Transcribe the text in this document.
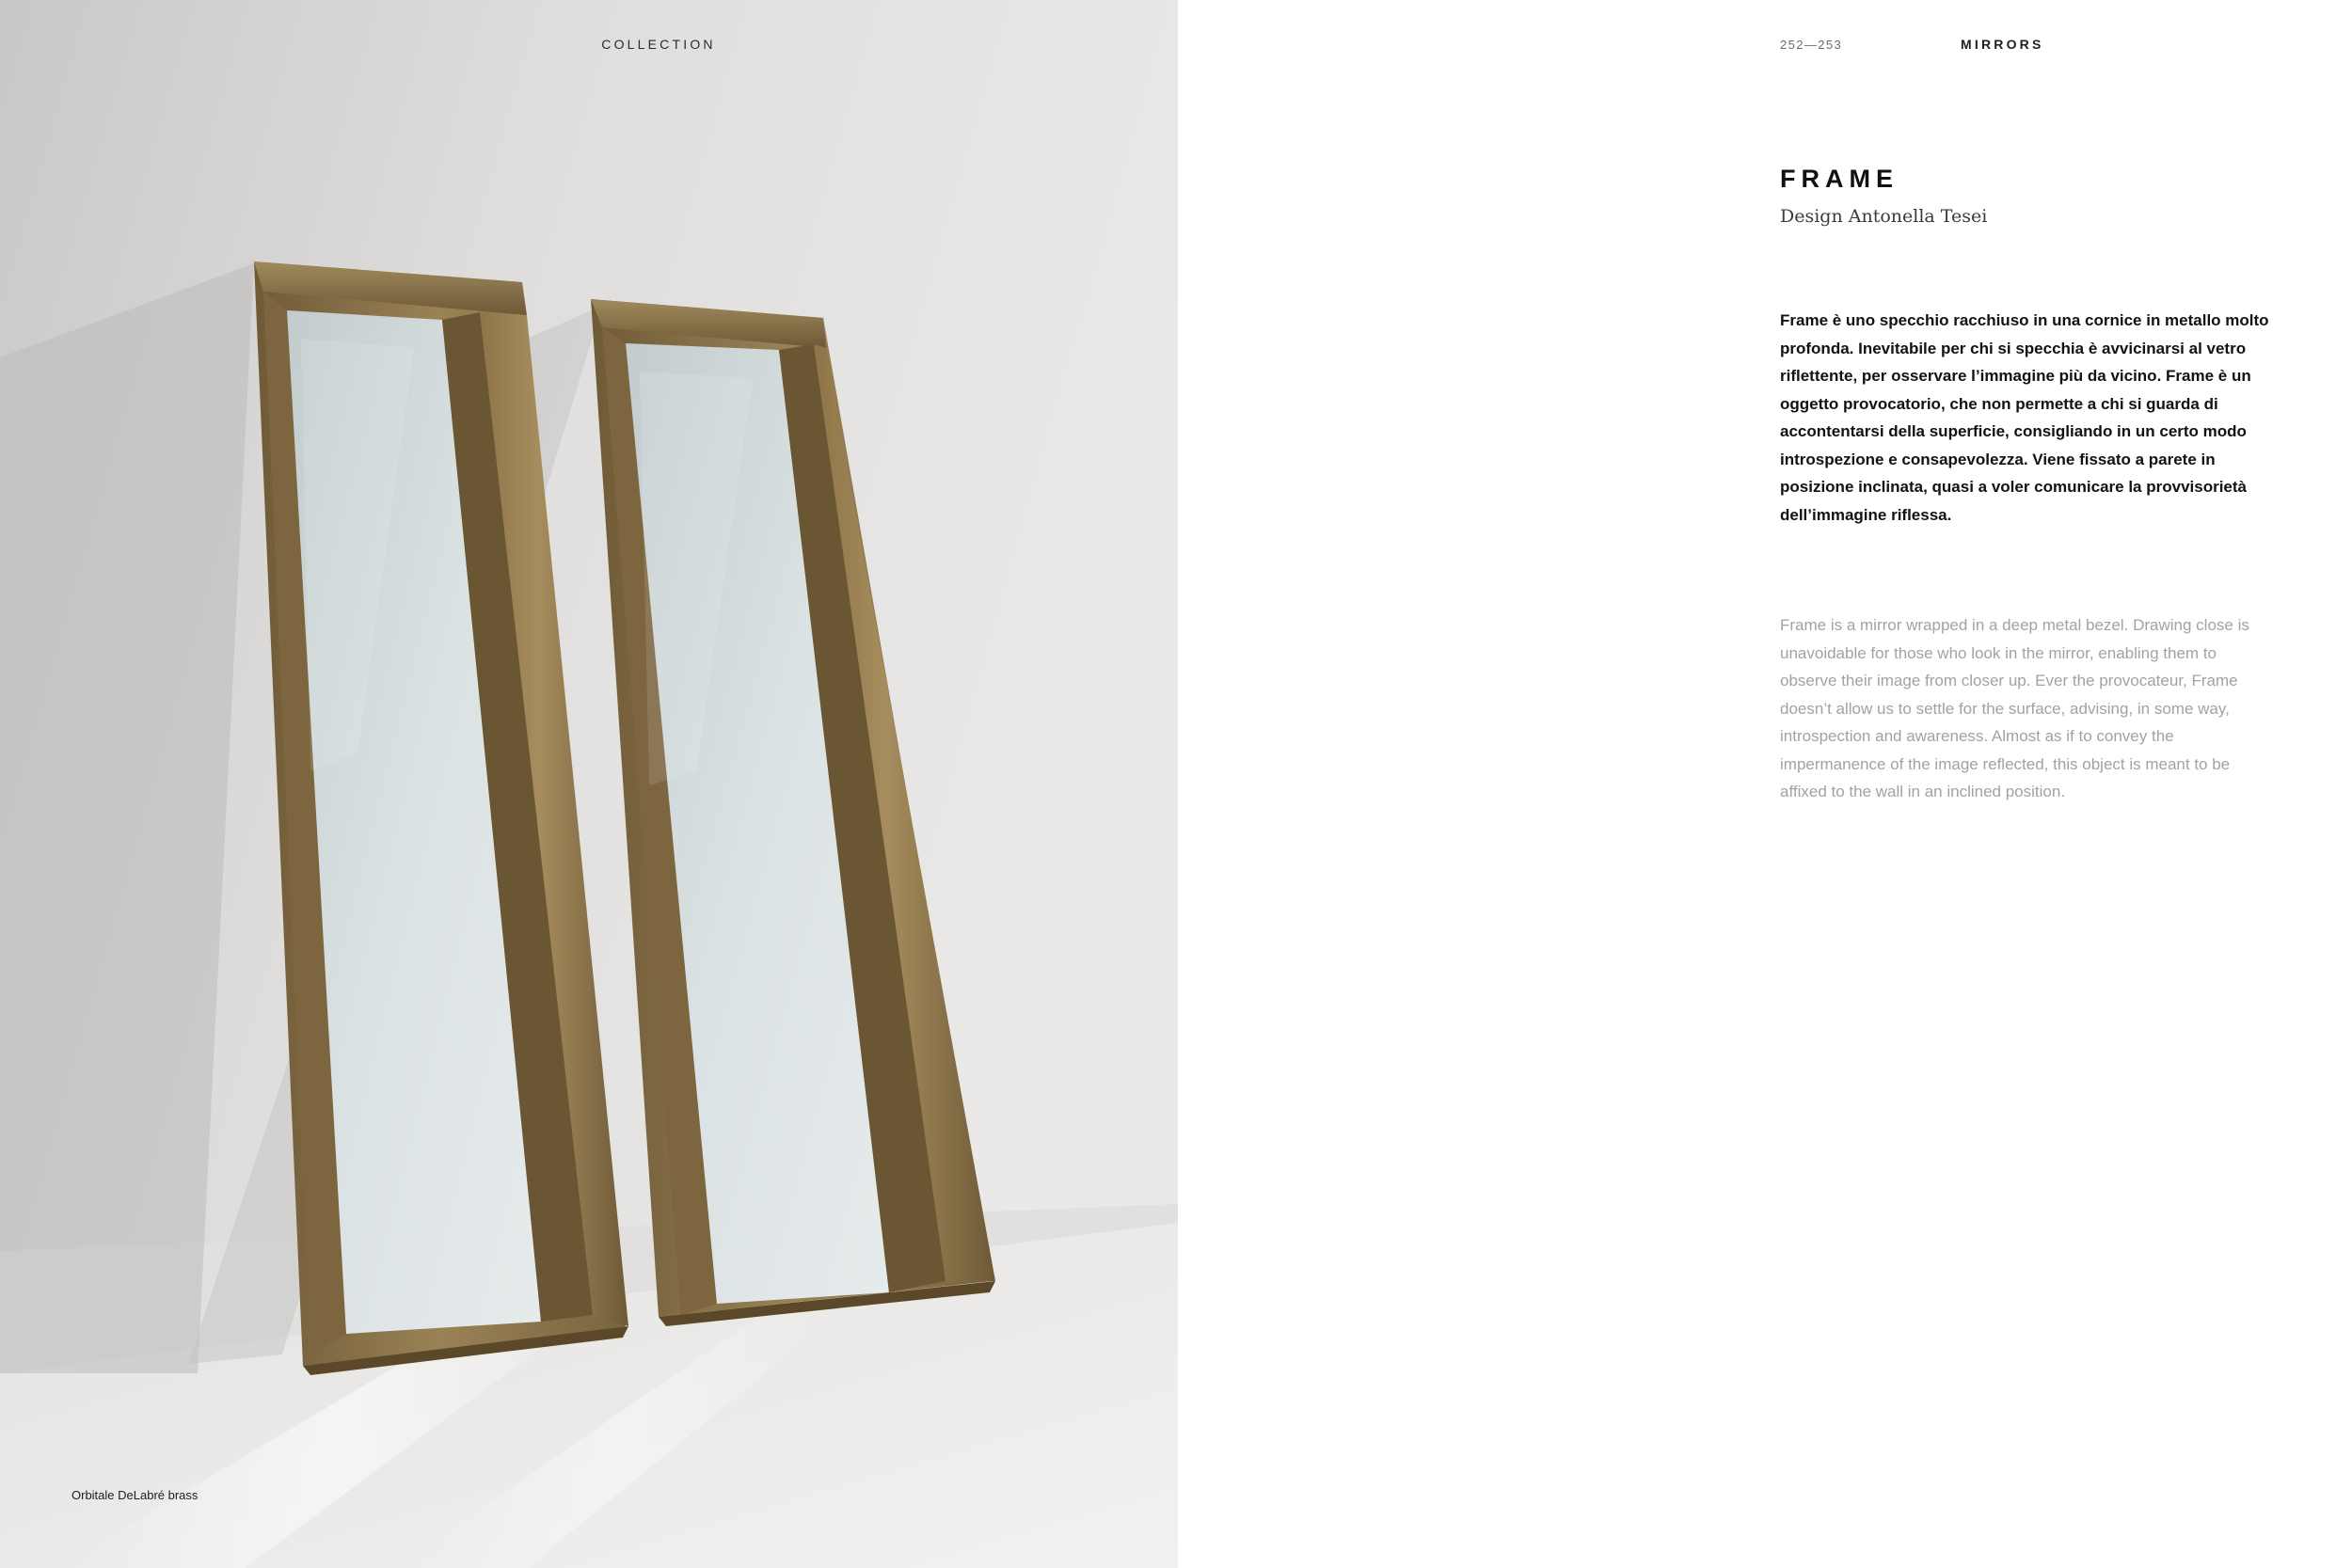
COLLECTION
Orbitale DeLabré brass
252—253	MIRRORS
FRAME

Design Antonella Tesei

Frame è uno specchio racchiuso in una cornice in metallo molto profonda. Inevitabile per chi si specchia è avvicinarsi al vetro riflettente, per osservare l’immagine più da vicino. Frame è un oggetto provocatorio, che non permette a chi si guarda di accontentarsi della superficie, consigliando in un certo modo introspezione e consapevolezza. Viene fissato a parete in posizione inclinata, quasi a voler comunicare la provvisorietà dell’immagine riflessa.

Frame is a mirror wrapped in a deep metal bezel. Drawing close is unavoidable for those who look in the mirror, enabling them to observe their image from closer up. Ever the provocateur, Frame doesn’t allow us to settle for the surface, advising, in some way, introspection and awareness. Almost as if to convey the impermanence of the image reflected, this object is meant to be affixed to the wall in an inclined position.
